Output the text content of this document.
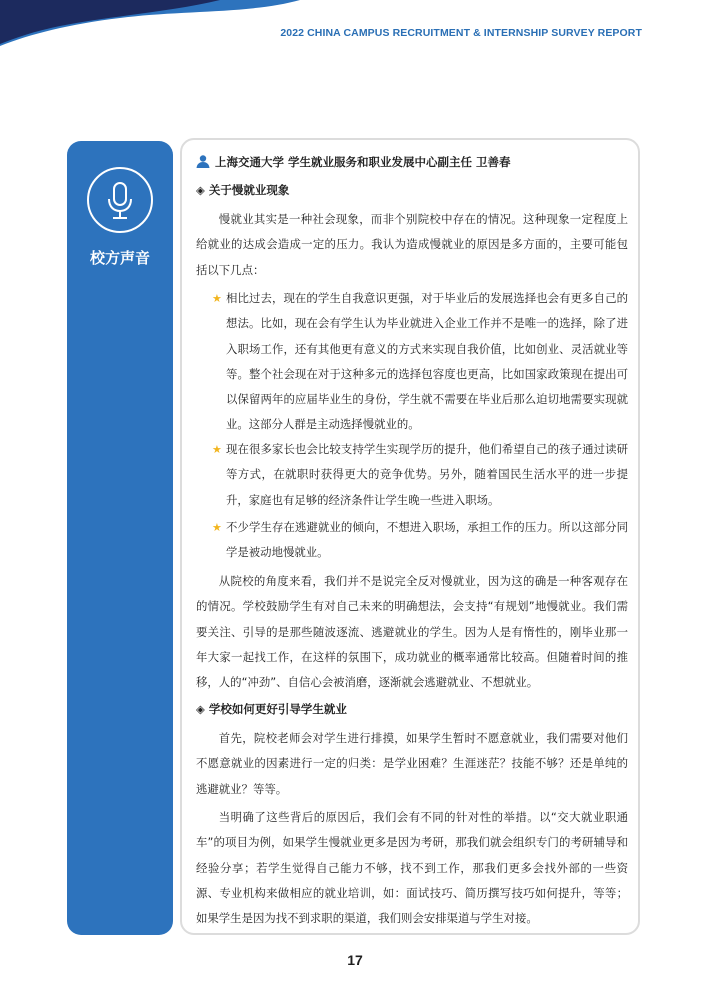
2022 CHINA CAMPUS RECRUITMENT & INTERNSHIP SURVEY REPORT
校方声音
上海交通大学 学生就业服务和职业发展中心副主任 卫善春
◈ 关于慢就业现象

慢就业其实是一种社会现象，而非个别院校中存在的情况。这种现象一定程度上给就业的达成会造成一定的压力。我认为造成慢就业的原因是多方面的，主要可能包括以下几点：

★ 相比过去，现在的学生自我意识更强，对于毕业后的发展选择也会有更多自己的想法。比如，现在会有学生认为毕业就进入企业工作并不是唯一的选择，除了进入职场工作，还有其他更有意义的方式来实现自我价值，比如创业、灵活就业等等。整个社会现在对于这种多元的选择包容度也更高，比如国家政策现在提出可以保留两年的应届毕业生的身份，学生就不需要在毕业后那么迫切地需要实现就业。这部分人群是主动选择慢就业的。
★ 现在很多家长也会比较支持学生实现学历的提升，他们希望自己的孩子通过读研等方式，在就职时获得更大的竞争优势。另外，随着国民生活水平的进一步提升，家庭也有足够的经济条件让学生晚一些进入职场。
★ 不少学生存在逃避就业的倾向，不想进入职场，承担工作的压力。所以这部分同学是被动地慢就业。

从院校的角度来看，我们并不是说完全反对慢就业，因为这的确是一种客观存在的情况。学校鼓励学生有对自己未来的明确想法，会支持“有规划”地慢就业。我们需要关注、引导的是那些随波逐流、逃避就业的学生。因为人是有惰性的，刚毕业那一年大家一起找工作，在这样的氛围下，成功就业的概率通常比较高。但随着时间的推移，人的“冲劲”、自信心会被消磨，逐渐就会逃避就业、不想就业。

◈ 学校如何更好引导学生就业

首先，院校老师会对学生进行排摸，如果学生暂时不愿意就业，我们需要对他们不愿意就业的因素进行一定的归类：是学业困难？生涯迷茫？技能不够？还是单纯的逃避就业？等等。

当明确了这些背后的原因后，我们会有不同的针对性的举措。以“交大就业职通车”的项目为例，如果学生慢就业更多是因为考研，那我们就会组织专门的考研辅导和经验分享；若学生觉得自己能力不够，找不到工作，那我们更多会找外部的一些资源、专业机构来做相应的就业培训，如：面试技巧、简历撰写技巧如何提升，等等；如果学生是因为找不到求职的渠道，我们则会安排渠道与学生对接。

17
